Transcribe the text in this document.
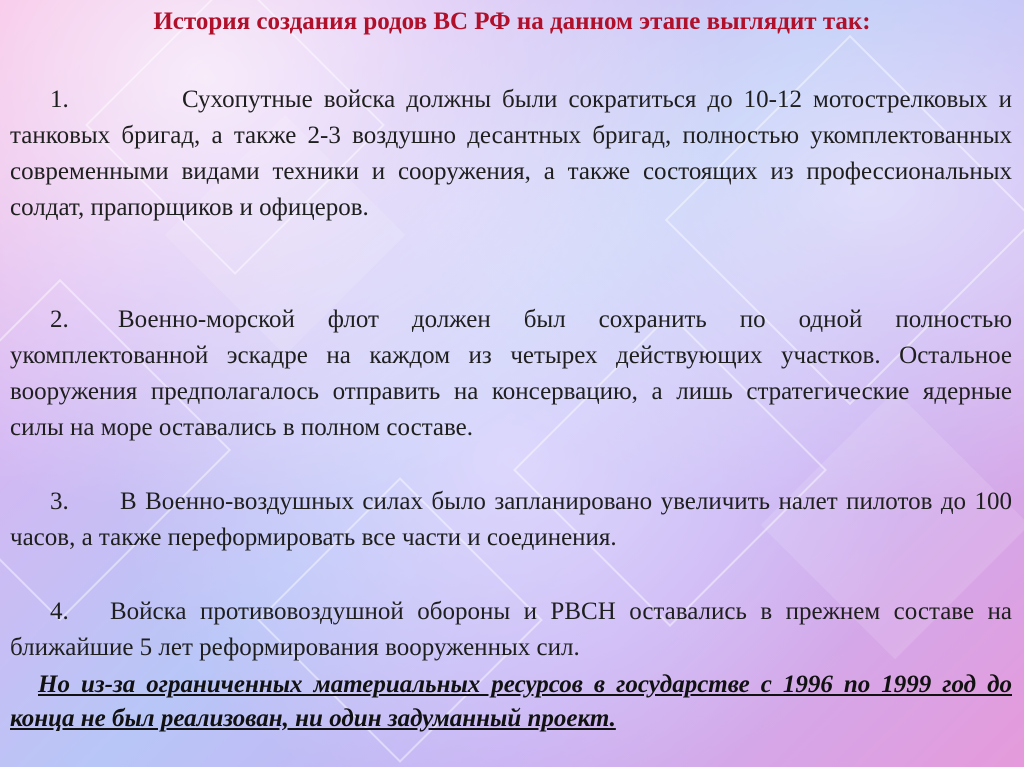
История создания родов ВС РФ на данном этапе выглядит так:

1.	Сухопутные войска должны были сократиться до 10-12 мотострелковых и танковых бригад, а также 2-3 воздушно десантных бригад, полностью укомплектованных современными видами техники и сооружения, а также состоящих из профессиональных солдат, прапорщиков и офицеров.

2. Военно-морской флот должен был сохранить по одной полностью укомплектованной эскадре на каждом из четырех действующих участков. Остальное вооружения предполагалось отправить на консервацию, а лишь стратегические ядерные силы на море оставались в полном составе.

3. В Военно-воздушных силах было запланировано увеличить налет пилотов до 100 часов, а также переформировать все части и соединения.

4. Войска противовоздушной обороны и РВСН оставались в прежнем составе на ближайшие 5 лет реформирования вооруженных сил.

Но из-за ограниченных материальных ресурсов в государстве с 1996 по 1999 год до конца не был реализован, ни один задуманный проект.
